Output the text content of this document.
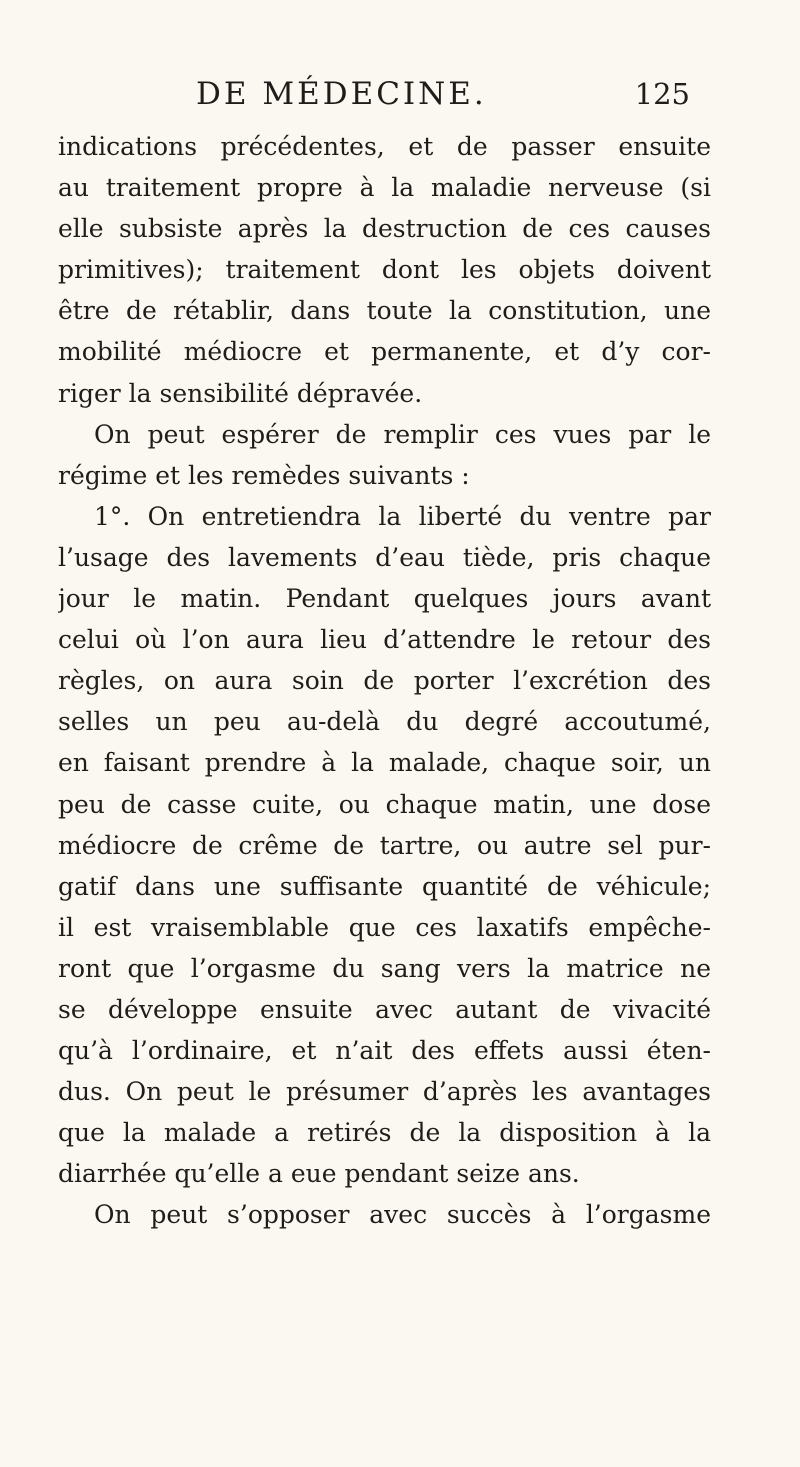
DE MÉDECINE.	125
indications précédentes, et de passer ensuite
au traitement propre à la maladie nerveuse (si
elle subsiste après la destruction de ces causes
primitives); traitement dont les objets doivent
être de rétablir, dans toute la constitution, une
mobilité médiocre et permanente, et d’y cor-
riger la sensibilité dépravée.
On peut espérer de remplir ces vues par le
régime et les remèdes suivants :
1°. On entretiendra la liberté du ventre par
l’usage des lavements d’eau tiède, pris chaque
jour le matin. Pendant quelques jours avant
celui où l’on aura lieu d’attendre le retour des
règles, on aura soin de porter l’excrétion des
selles un peu au-delà du degré accoutumé,
en faisant prendre à la malade, chaque soir, un
peu de casse cuite, ou chaque matin, une dose
médiocre de crême de tartre, ou autre sel pur-
gatif dans une suffisante quantité de véhicule;
il est vraisemblable que ces laxatifs empêche-
ront que l’orgasme du sang vers la matrice ne
se développe ensuite avec autant de vivacité
qu’à l’ordinaire, et n’ait des effets aussi éten-
dus. On peut le présumer d’après les avantages
que la malade a retirés de la disposition à la
diarrhée qu’elle a eue pendant seize ans.
On peut s’opposer avec succès à l’orgasme
